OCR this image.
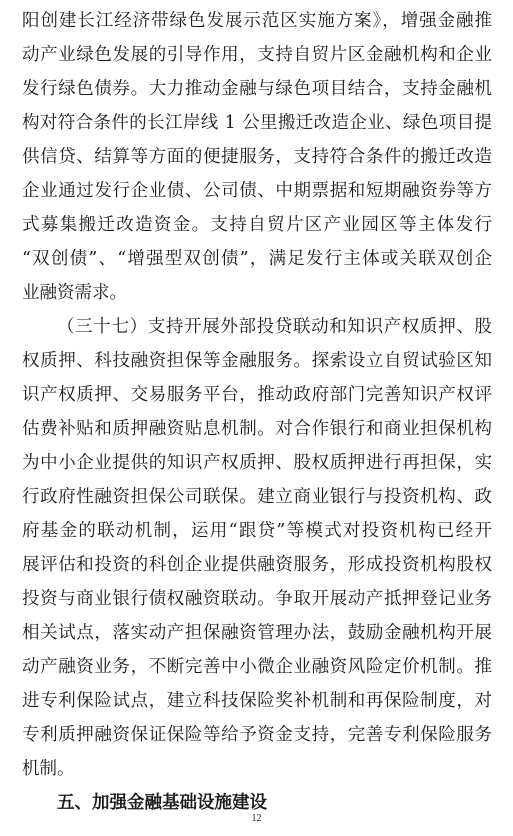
阳创建长江经济带绿色发展示范区实施方案》，增强金融推
动产业绿色发展的引导作用，支持自贸片区金融机构和企业
发行绿色债券。大力推动金融与绿色项目结合，支持金融机
构对符合条件的长江岸线 1 公里搬迁改造企业、绿色项目提
供信贷、结算等方面的便捷服务，支持符合条件的搬迁改造
企业通过发行企业债、公司债、中期票据和短期融资券等方
式募集搬迁改造资金。支持自贸片区产业园区等主体发行
“双创债”、“增强型双创债”，满足发行主体或关联双创企
业融资需求。
（三十七）支持开展外部投贷联动和知识产权质押、股
权质押、科技融资担保等金融服务。探索设立自贸试验区知
识产权质押、交易服务平台，推动政府部门完善知识产权评
估费补贴和质押融资贴息机制。对合作银行和商业担保机构
为中小企业提供的知识产权质押、股权质押进行再担保，实
行政府性融资担保公司联保。建立商业银行与投资机构、政
府基金的联动机制，运用“跟贷”等模式对投资机构已经开
展评估和投资的科创企业提供融资服务，形成投资机构股权
投资与商业银行债权融资联动。争取开展动产抵押登记业务
相关试点，落实动产担保融资管理办法，鼓励金融机构开展
动产融资业务，不断完善中小微企业融资风险定价机制。推
进专利保险试点，建立科技保险奖补机制和再保险制度，对
专利质押融资保证保险等给予资金支持，完善专利保险服务
机制。
五、加强金融基础设施建设
12
